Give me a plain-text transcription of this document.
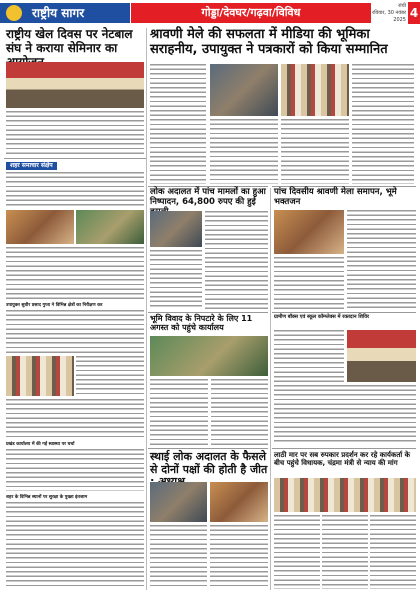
राष्ट्रीय सागर	गोड्डा/देवघर/गढ़वा/विविध	रांची
रविवार, 30 नवंबर 2025 4
राष्ट्रीय खेल दिवस पर नेटबाल संघ ने कराया सेमिनार का
श्रावणी मेले की सफलता में मीडिया की भूमिका सराहनीय, उपायुक्त ने पत्रकारों को किया सम्मानित
शहर समाचार संक्षेप
लोक अदालत में पांच मामलों का हुआ निष्पादन, 64,800 रुपए की हुई
पांच दिवसीय श्रावणी मेला समापन, भूमे भक्तजन
उपायुक्त सुधीर प्रसाद गुप्ता ने विभिन्न क्षेत्रों का निरीक्षण कर
प्रखंड कार्यालय में की गई स्वास्थ्य पर चर्चा
शहर के विभिन्न स्थानों पर सुरक्षा के पुख्ता इंतजाम
भूमि विवाद के निपटारे के लिए 11 अगस्त को पहुंचे कार्यालय
ग्रामीण बॉक्स एवं स्कूल कॉम्प्लेक्स में रक्तदान शिविर
स्थाई लोक अदालत के फैसले से दोनों पक्षों की होती है जीत
लाठी मार पर सब रुपकार प्रदर्शन कर रहे कार्यकर्ता के बीच पहुंचे विधायक, चंद्रमा मंत्री से न्याय की मांग
